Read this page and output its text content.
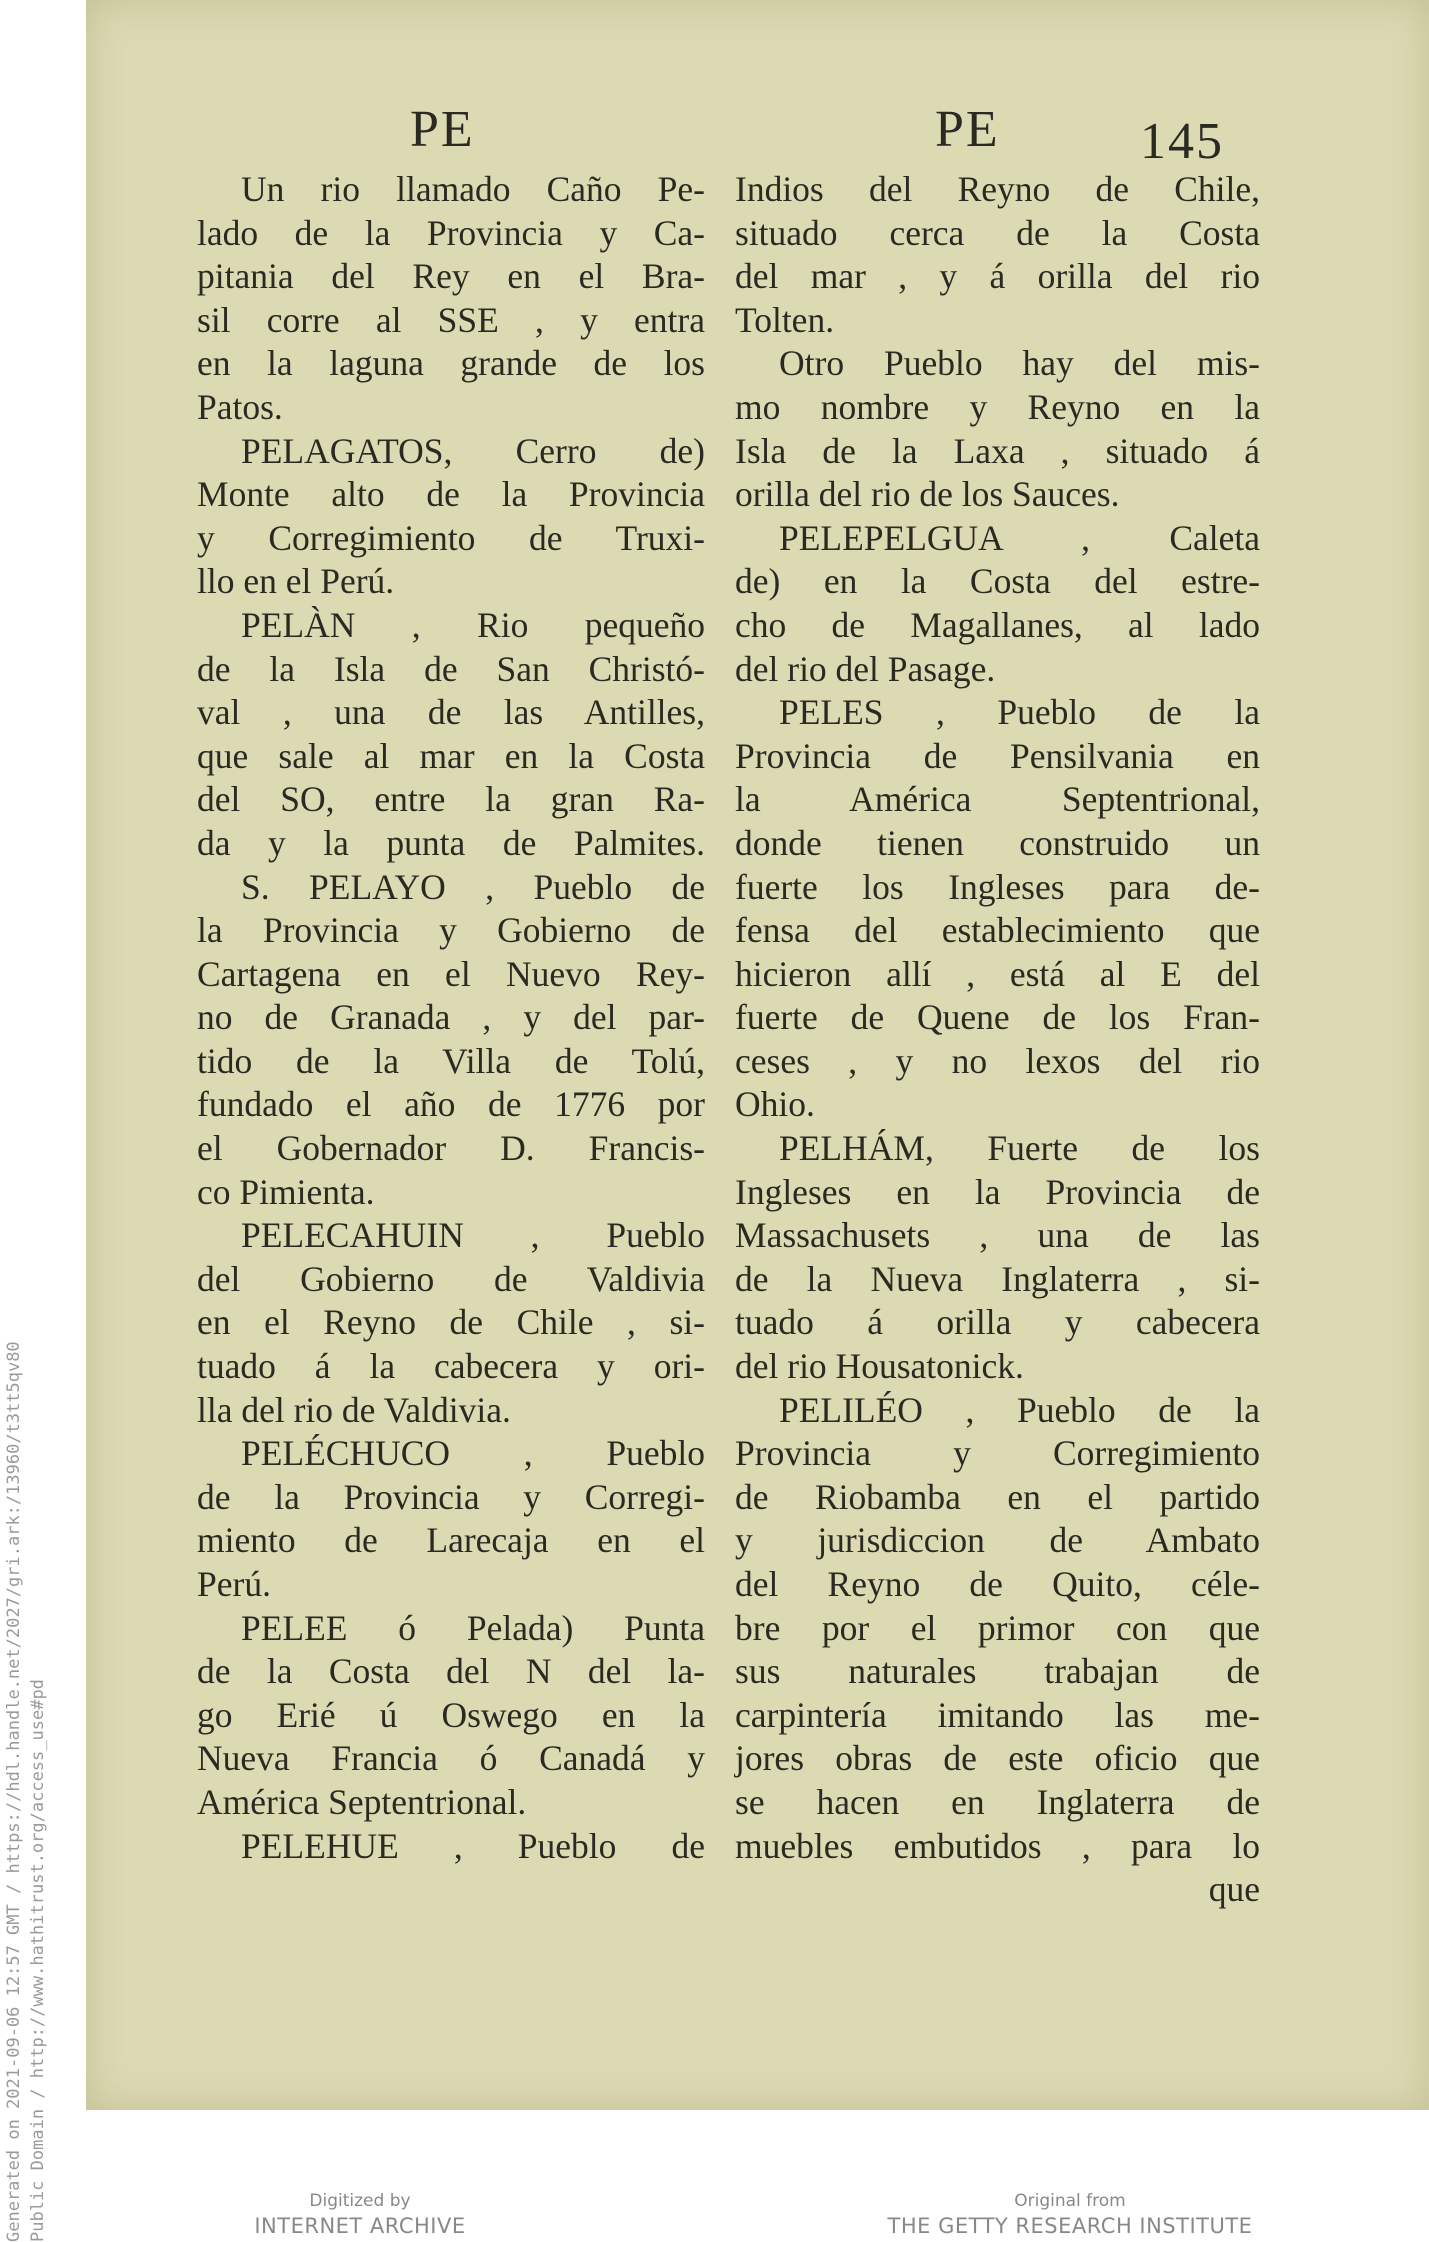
PE	PE	145
Un rio llamado Caño Pe-
lado de la Provincia y Ca-
pitania del Rey en el Bra-
sil corre al SSE , y entra
en la laguna grande de los
Patos.
PELAGATOS, Cerro de)
Monte alto de la Provincia
y Corregimiento de Truxi-
llo en el Perú.
PELÀN , Rio pequeño
de la Isla de San Christó-
val , una de las Antilles,
que sale al mar en la Costa
del SO, entre la gran Ra-
da y la punta de Palmites.
S. PELAYO , Pueblo de
la Provincia y Gobierno de
Cartagena en el Nuevo Rey-
no de Granada , y del par-
tido de la Villa de Tolú,
fundado el año de 1776 por
el Gobernador D. Francis-
co Pimienta.
PELECAHUIN , Pueblo
del Gobierno de Valdivia
en el Reyno de Chile , si-
tuado á la cabecera y ori-
lla del rio de Valdivia.
PELÉCHUCO , Pueblo
de la Provincia y Corregi-
miento de Larecaja en el
Perú.
PELEE ó Pelada) Punta
de la Costa del N del la-
go Erié ú Oswego en la
Nueva Francia ó Canadá y
América Septentrional.
PELEHUE , Pueblo de
Indios del Reyno de Chile,
situado cerca de la Costa
del mar , y á orilla del rio
Tolten.
Otro Pueblo hay del mis-
mo nombre y Reyno en la
Isla de la Laxa , situado á
orilla del rio de los Sauces.
PELEPELGUA , Caleta
de) en la Costa del estre-
cho de Magallanes, al lado
del rio del Pasage.
PELES , Pueblo de la
Provincia de Pensilvania en
la América Septentrional,
donde tienen construido un
fuerte los Ingleses para de-
fensa del establecimiento que
hicieron allí , está al E del
fuerte de Quene de los Fran-
ceses , y no lexos del rio
Ohio.
PELHÁM, Fuerte de los
Ingleses en la Provincia de
Massachusets , una de las
de la Nueva Inglaterra , si-
tuado á orilla y cabecera
del rio Housatonick.
PELILÉO , Pueblo de la
Provincia y Corregimiento
de Riobamba en el partido
y jurisdiccion de Ambato
del Reyno de Quito, céle-
bre por el primor con que
sus naturales trabajan de
carpintería imitando las me-
jores obras de este oficio que
se hacen en Inglaterra de
muebles embutidos , para lo
que
Generated on 2021-09-06 12:57 GMT / https://hdl.handle.net/2027/gri.ark:/13960/t3tt5qv80 Public Domain / http://www.hathitrust.org/access_use#pd	Digitized by
INTERNET ARCHIVE
Original from
THE GETTY RESEARCH INSTITUTE
